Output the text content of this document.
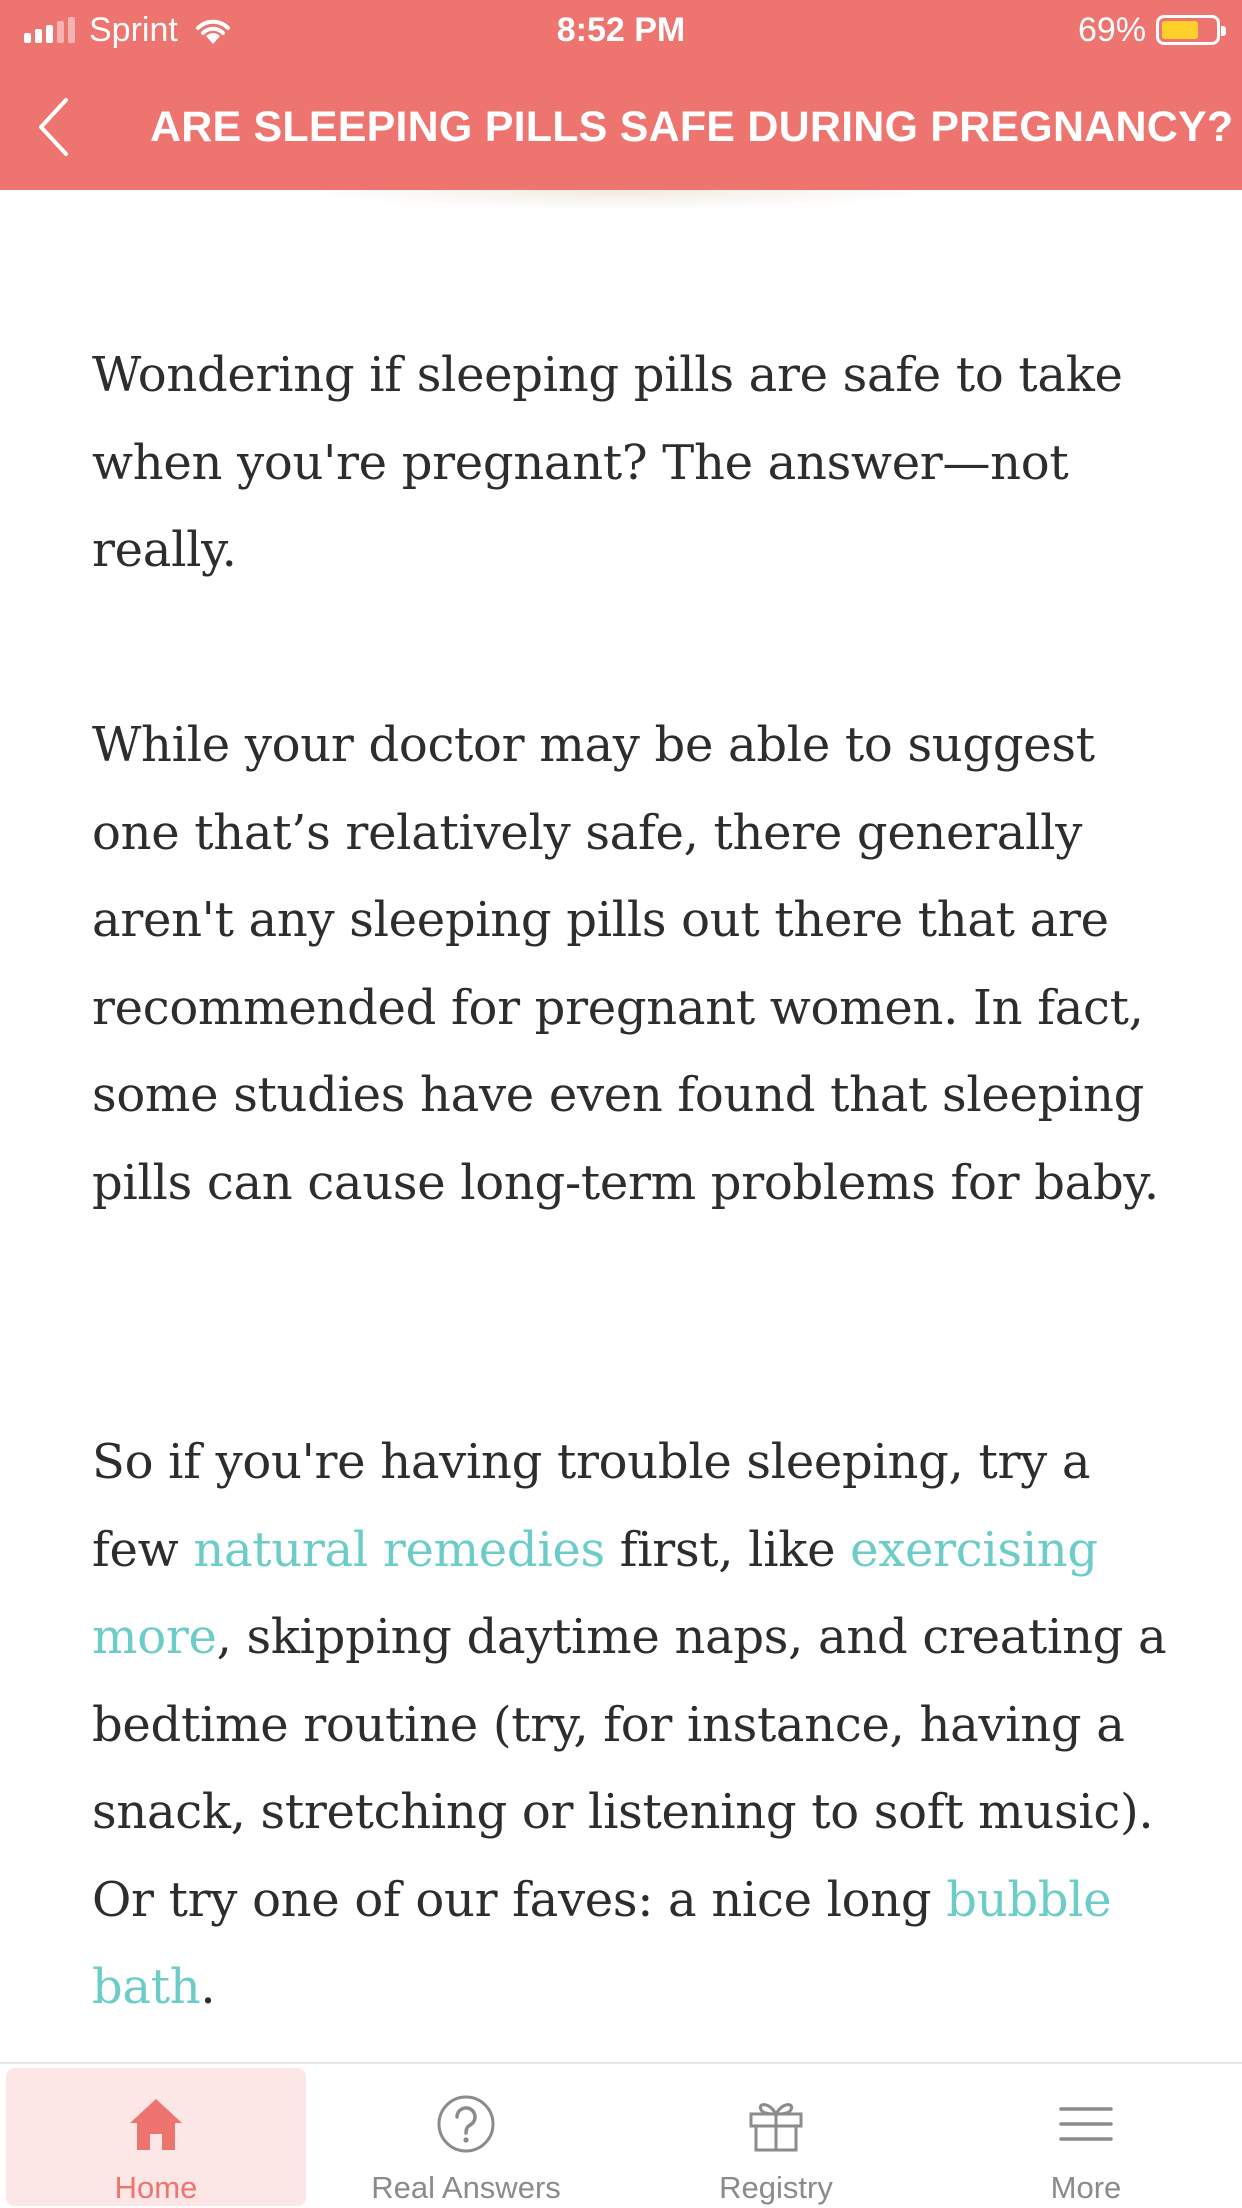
Sprint	8:52 PM	69%
ARE SLEEPING PILLS SAFE DURING PREGNANCY?

Wondering if sleeping pills are safe to take when you're pregnant? The answer—not really.

While your doctor may be able to suggest one that’s relatively safe, there generally aren't any sleeping pills out there that are recommended for pregnant women. In fact, some studies have even found that sleeping pills can cause long-term problems for baby.

So if you're having trouble sleeping, try a few natural remedies first, like exercising more, skipping daytime naps, and creating a bedtime routine (try, for instance, having a snack, stretching or listening to soft music). Or try one of our faves: a nice long bubble bath.

Home	Real Answers	Registry	More
